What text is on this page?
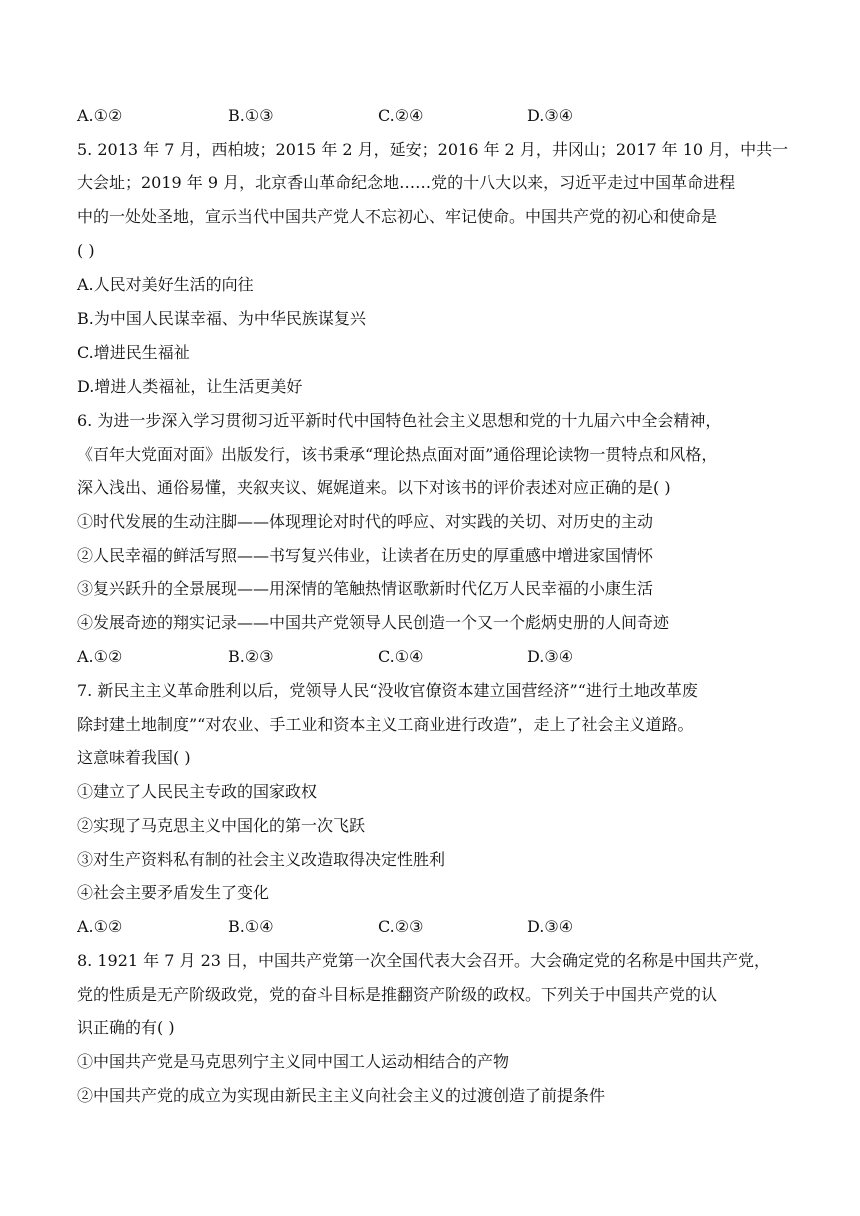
A.①②	B.①③	C.②④	D.③④
5. 2013 年 7 月，西柏坡；2015 年 2 月，延安；2016 年 2 月，井冈山；2017 年 10 月，中共一
大会址；2019 年 9 月，北京香山革命纪念地……党的十八大以来，习近平走过中国革命进程
中的一处处圣地，宣示当代中国共产党人不忘初心、牢记使命。中国共产党的初心和使命是
( )
A.人民对美好生活的向往
B.为中国人民谋幸福、为中华民族谋复兴
C.增进民生福祉
D.增进人类福祉，让生活更美好
6. 为进一步深入学习贯彻习近平新时代中国特色社会主义思想和党的十九届六中全会精神，
《百年大党面对面》出版发行，该书秉承“理论热点面对面”通俗理论读物一贯特点和风格，
深入浅出、通俗易懂，夹叙夹议、娓娓道来。以下对该书的评价表述对应正确的是( )
①时代发展的生动注脚——体现理论对时代的呼应、对实践的关切、对历史的主动
②人民幸福的鲜活写照——书写复兴伟业，让读者在历史的厚重感中增进家国情怀
③复兴跃升的全景展现——用深情的笔触热情讴歌新时代亿万人民幸福的小康生活
④发展奇迹的翔实记录——中国共产党领导人民创造一个又一个彪炳史册的人间奇迹
A.①②	B.②③	C.①④	D.③④
7. 新民主主义革命胜利以后，党领导人民“没收官僚资本建立国营经济”“进行土地改革废
除封建土地制度”“对农业、手工业和资本主义工商业进行改造”，走上了社会主义道路。
这意味着我国( )
①建立了人民民主专政的国家政权
②实现了马克思主义中国化的第一次飞跃
③对生产资料私有制的社会主义改造取得决定性胜利
④社会主要矛盾发生了变化
A.①②	B.①④	C.②③	D.③④
8. 1921 年 7 月 23 日，中国共产党第一次全国代表大会召开。大会确定党的名称是中国共产党，
党的性质是无产阶级政党，党的奋斗目标是推翻资产阶级的政权。下列关于中国共产党的认
识正确的有( )
①中国共产党是马克思列宁主义同中国工人运动相结合的产物
②中国共产党的成立为实现由新民主主义向社会主义的过渡创造了前提条件
